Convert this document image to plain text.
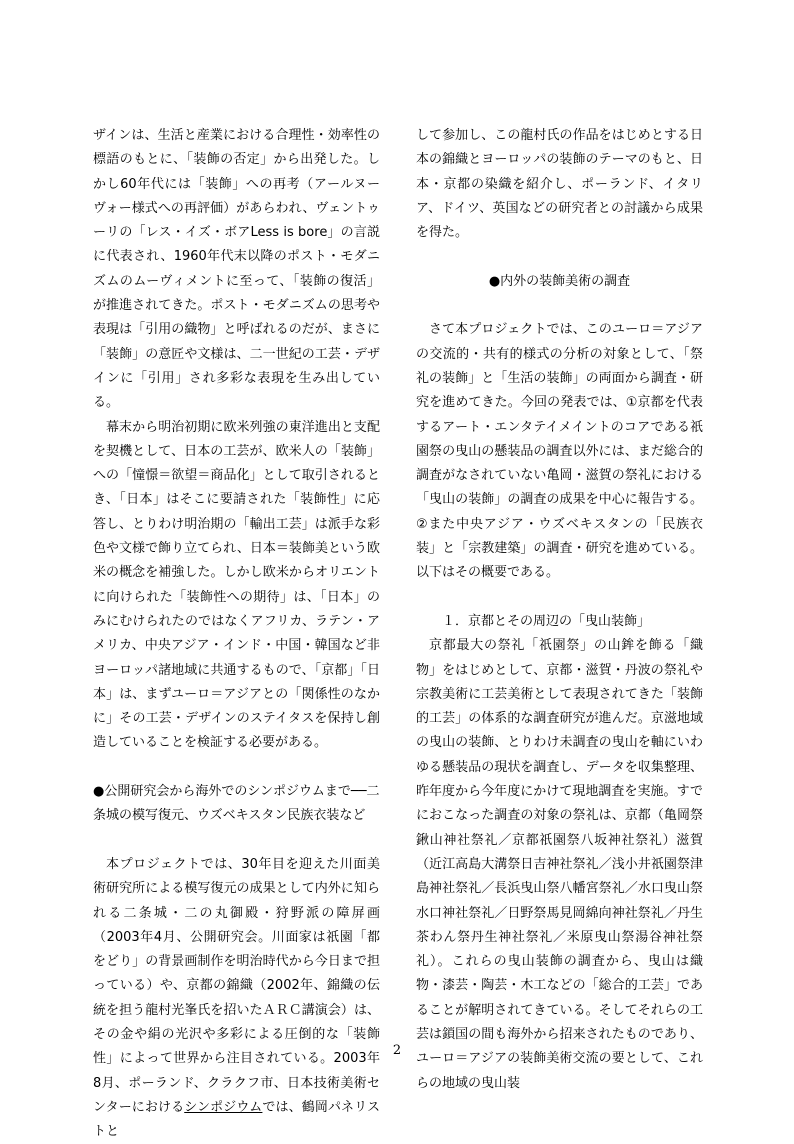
ザインは、生活と産業における合理性・効率性の標語のもとに、「装飾の否定」から出発した。しかし60年代には「装飾」への再考（アールヌーヴォー様式への再評価）があらわれ、ヴェントゥーリの「レス・イズ・ボアLess is bore」の言説に代表され、1960年代末以降のポスト・モダニズムのムーヴィメントに至って、「装飾の復活」が推進されてきた。ポスト・モダニズムの思考や表現は「引用の織物」と呼ばれるのだが、まさに「装飾」の意匠や文様は、二一世紀の工芸・デザインに「引用」され多彩な表現を生み出している。

幕末から明治初期に欧米列強の東洋進出と支配を契機として、日本の工芸が、欧米人の「装飾」への「憧憬＝欲望＝商品化」として取引されるとき、「日本」はそこに要請された「装飾性」に応答し、とりわけ明治期の「輸出工芸」は派手な彩色や文様で飾り立てられ、日本＝装飾美という欧米の概念を補強した。しかし欧米からオリエントに向けられた「装飾性への期待」は、「日本」のみにむけられたのではなくアフリカ、ラテン・アメリカ、中央アジア・インド・中国・韓国など非ヨーロッパ諸地域に共通するもので、「京都」「日本」は、まずユーロ＝アジアとの「関係性のなかに」その工芸・デザインのステイタスを保持し創造していることを検証する必要がある。

●公開研究会から海外でのシンポジウムまで──二条城の模写復元、ウズベキスタン民族衣装など

本プロジェクトでは、30年目を迎えた川面美術研究所による模写復元の成果として内外に知られる二条城・二の丸御殿・狩野派の障屏画（2003年4月、公開研究会。川面家は祇園「都をどり」の背景画制作を明治時代から今日まで担っている）や、京都の錦織（2002年、錦織の伝統を担う龍村光峯氏を招いたＡＲＣ講演会）は、その金や絹の光沢や多彩による圧倒的な「装飾性」によって世界から注目されている。2003年8月、ポーランド、クラクフ市、日本技術美術センターにおけるシンポジウムでは、鶴岡パネリストと

して参加し、この龍村氏の作品をはじめとする日本の錦織とヨーロッパの装飾のテーマのもと、日本・京都の染織を紹介し、ポーランド、イタリア、ドイツ、英国などの研究者との討議から成果を得た。

●内外の装飾美術の調査

さて本プロジェクトでは、このユーロ＝アジアの交流的・共有的様式の分析の対象として、「祭礼の装飾」と「生活の装飾」の両面から調査・研究を進めてきた。今回の発表では、①京都を代表するアート・エンタテイメイントのコアである祇園祭の曳山の懸装品の調査以外には、まだ総合的調査がなされていない亀岡・滋賀の祭礼における「曳山の装飾」の調査の成果を中心に報告する。②また中央アジア・ウズベキスタンの「民族衣装」と「宗教建築」の調査・研究を進めている。以下はその概要である。

１．京都とその周辺の「曳山装飾」

京都最大の祭礼「祇園祭」の山鉾を飾る「織物」をはじめとして、京都・滋賀・丹波の祭礼や宗教美術に工芸美術として表現されてきた「装飾的工芸」の体系的な調査研究が進んだ。京滋地域の曳山の装飾、とりわけ未調査の曳山を軸にいわゆる懸装品の現状を調査し、データを収集整理、昨年度から今年度にかけて現地調査を実施。すでにおこなった調査の対象の祭礼は、京都（亀岡祭鍬山神社祭礼／京都祇園祭八坂神社祭礼）滋賀（近江高島大溝祭日吉神社祭礼／浅小井祇園祭津島神社祭礼／長浜曳山祭八幡宮祭礼／水口曳山祭水口神社祭礼／日野祭馬見岡綿向神社祭礼／丹生茶わん祭丹生神社祭礼／米原曳山祭湯谷神社祭礼）。これらの曳山装飾の調査から、曳山は織物・漆芸・陶芸・木工などの「総合的工芸」であることが解明されてきている。そしてそれらの工芸は鎖国の間も海外から招来されたものであり、ユーロ＝アジアの装飾美術交流の要として、これらの地域の曳山装

2
